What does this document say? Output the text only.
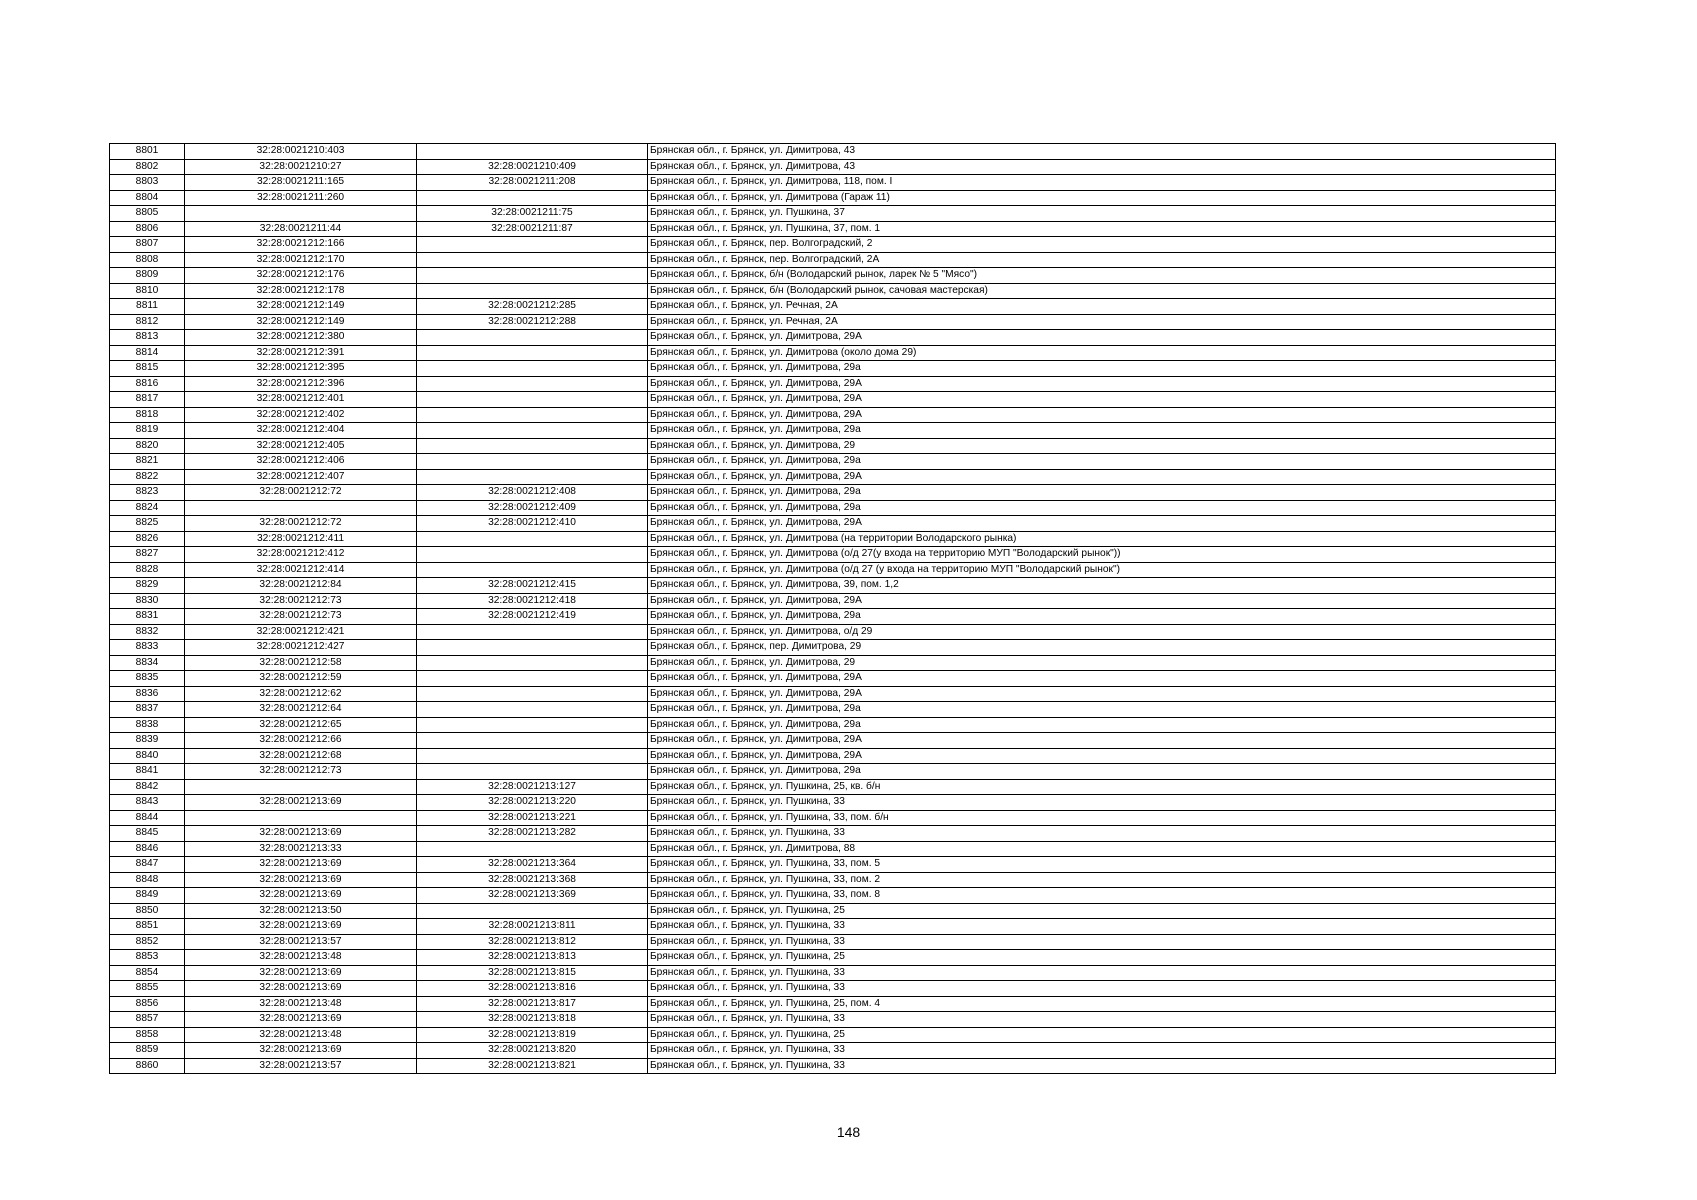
8801	32:28:0021210:403		Брянская обл., г. Брянск, ул. Димитрова, 43
8802	32:28:0021210:27	32:28:0021210:409	Брянская обл., г. Брянск, ул. Димитрова, 43
8803	32:28:0021211:165	32:28:0021211:208	Брянская обл., г. Брянск, ул. Димитрова, 118, пом. I
8804	32:28:0021211:260		Брянская обл., г. Брянск, ул. Димитрова (Гараж 11)
8805		32:28:0021211:75	Брянская обл., г. Брянск, ул. Пушкина, 37
8806	32:28:0021211:44	32:28:0021211:87	Брянская обл., г. Брянск, ул. Пушкина, 37, пом. 1
8807	32:28:0021212:166		Брянская обл., г. Брянск, пер. Волгоградский, 2
8808	32:28:0021212:170		Брянская обл., г. Брянск, пер. Волгоградский, 2А
8809	32:28:0021212:176		Брянская обл., г. Брянск, б/н (Володарский рынок, ларек № 5 "Мясо")
8810	32:28:0021212:178		Брянская обл., г. Брянск, б/н (Володарский рынок, сачовая мастерская)
8811	32:28:0021212:149	32:28:0021212:285	Брянская обл., г. Брянск, ул. Речная, 2А
8812	32:28:0021212:149	32:28:0021212:288	Брянская обл., г. Брянск, ул. Речная, 2А
8813	32:28:0021212:380		Брянская обл., г. Брянск, ул. Димитрова, 29А
8814	32:28:0021212:391		Брянская обл., г. Брянск, ул. Димитрова (около дома 29)
8815	32:28:0021212:395		Брянская обл., г. Брянск, ул. Димитрова, 29а
8816	32:28:0021212:396		Брянская обл., г. Брянск, ул. Димитрова, 29А
8817	32:28:0021212:401		Брянская обл., г. Брянск, ул. Димитрова, 29А
8818	32:28:0021212:402		Брянская обл., г. Брянск, ул. Димитрова, 29А
8819	32:28:0021212:404		Брянская обл., г. Брянск, ул. Димитрова, 29а
8820	32:28:0021212:405		Брянская обл., г. Брянск, ул. Димитрова, 29
8821	32:28:0021212:406		Брянская обл., г. Брянск, ул. Димитрова, 29а
8822	32:28:0021212:407		Брянская обл., г. Брянск, ул. Димитрова, 29А
8823	32:28:0021212:72	32:28:0021212:408	Брянская обл., г. Брянск, ул. Димитрова, 29а
8824		32:28:0021212:409	Брянская обл., г. Брянск, ул. Димитрова, 29а
8825	32:28:0021212:72	32:28:0021212:410	Брянская обл., г. Брянск, ул. Димитрова, 29А
8826	32:28:0021212:411		Брянская обл., г. Брянск, ул. Димитрова (на территории Володарского рынка)
8827	32:28:0021212:412		Брянская обл., г. Брянск, ул. Димитрова (о/д 27(у входа на территорию МУП "Володарский рынок"))
8828	32:28:0021212:414		Брянская обл., г. Брянск, ул. Димитрова (о/д 27 (у входа на территорию МУП "Володарский рынок")
8829	32:28:0021212:84	32:28:0021212:415	Брянская обл., г. Брянск, ул. Димитрова, 39, пом. 1,2
8830	32:28:0021212:73	32:28:0021212:418	Брянская обл., г. Брянск, ул. Димитрова, 29А
8831	32:28:0021212:73	32:28:0021212:419	Брянская обл., г. Брянск, ул. Димитрова, 29а
8832	32:28:0021212:421		Брянская обл., г. Брянск, ул. Димитрова, о/д 29
8833	32:28:0021212:427		Брянская обл., г. Брянск, пер. Димитрова, 29
8834	32:28:0021212:58		Брянская обл., г. Брянск, ул. Димитрова, 29
8835	32:28:0021212:59		Брянская обл., г. Брянск, ул. Димитрова, 29А
8836	32:28:0021212:62		Брянская обл., г. Брянск, ул. Димитрова, 29А
8837	32:28:0021212:64		Брянская обл., г. Брянск, ул. Димитрова, 29а
8838	32:28:0021212:65		Брянская обл., г. Брянск, ул. Димитрова, 29а
8839	32:28:0021212:66		Брянская обл., г. Брянск, ул. Димитрова, 29А
8840	32:28:0021212:68		Брянская обл., г. Брянск, ул. Димитрова, 29А
8841	32:28:0021212:73		Брянская обл., г. Брянск, ул. Димитрова, 29а
8842		32:28:0021213:127	Брянская обл., г. Брянск, ул. Пушкина, 25, кв. б/н
8843	32:28:0021213:69	32:28:0021213:220	Брянская обл., г. Брянск, ул. Пушкина, 33
8844		32:28:0021213:221	Брянская обл., г. Брянск, ул. Пушкина, 33, пом. б/н
8845	32:28:0021213:69	32:28:0021213:282	Брянская обл., г. Брянск, ул. Пушкина, 33
8846	32:28:0021213:33		Брянская обл., г. Брянск, ул. Димитрова, 88
8847	32:28:0021213:69	32:28:0021213:364	Брянская обл., г. Брянск, ул. Пушкина, 33, пом. 5
8848	32:28:0021213:69	32:28:0021213:368	Брянская обл., г. Брянск, ул. Пушкина, 33, пом. 2
8849	32:28:0021213:69	32:28:0021213:369	Брянская обл., г. Брянск, ул. Пушкина, 33, пом. 8
8850	32:28:0021213:50		Брянская обл., г. Брянск, ул. Пушкина, 25
8851	32:28:0021213:69	32:28:0021213:811	Брянская обл., г. Брянск, ул. Пушкина, 33
8852	32:28:0021213:57	32:28:0021213:812	Брянская обл., г. Брянск, ул. Пушкина, 33
8853	32:28:0021213:48	32:28:0021213:813	Брянская обл., г. Брянск, ул. Пушкина, 25
8854	32:28:0021213:69	32:28:0021213:815	Брянская обл., г. Брянск, ул. Пушкина, 33
8855	32:28:0021213:69	32:28:0021213:816	Брянская обл., г. Брянск, ул. Пушкина, 33
8856	32:28:0021213:48	32:28:0021213:817	Брянская обл., г. Брянск, ул. Пушкина, 25, пом. 4
8857	32:28:0021213:69	32:28:0021213:818	Брянская обл., г. Брянск, ул. Пушкина, 33
8858	32:28:0021213:48	32:28:0021213:819	Брянская обл., г. Брянск, ул. Пушкина, 25
8859	32:28:0021213:69	32:28:0021213:820	Брянская обл., г. Брянск, ул. Пушкина, 33
8860	32:28:0021213:57	32:28:0021213:821	Брянская обл., г. Брянск, ул. Пушкина, 33
148
